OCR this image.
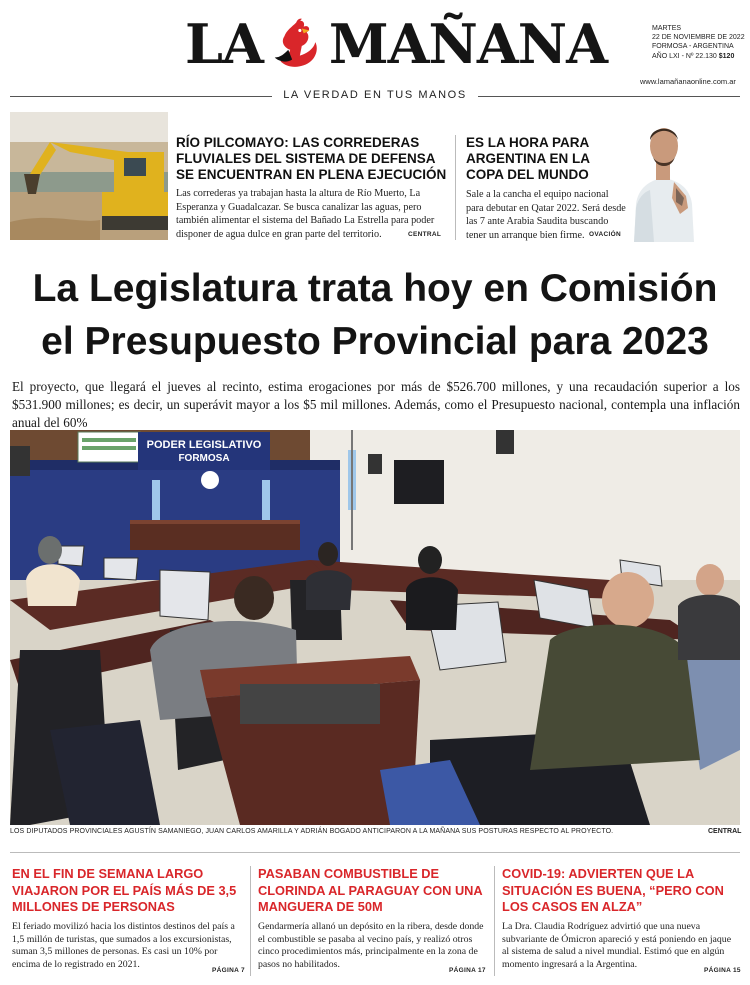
LA MAÑANA	MARTES
22 DE NOVIEMBRE DE 2022
FORMOSA - ARGENTINA
AÑO LXI - Nº 22.130 $120
www.lamañanaonline.com.ar
LA VERDAD EN TUS MANOS
RÍO PILCOMAYO: LAS CORREDERAS FLUVIALES DEL SISTEMA DE DEFENSA SE ENCUENTRAN EN PLENA EJECUCIÓN
Las correderas ya trabajan hasta la altura de Río Muerto, La Esperanza y Guadalcazar. Se busca canalizar las aguas, pero también alimentar el sistema del Bañado La Estrella para poder disponer de agua dulce en gran parte del territorio.	CENTRAL
ES LA HORA PARA ARGENTINA EN LA COPA DEL MUNDO
Sale a la cancha el equipo nacional para debutar en Qatar 2022. Será desde las 7 ante Arabia Saudita buscando tener un arranque bien firme. OVACIÓN
La Legislatura trata hoy en Comisión
el Presupuesto Provincial para 2023
El proyecto, que llegará el jueves al recinto, estima erogaciones por más de $526.700 millones, y una recaudación superior a los $531.900 millones; es decir, un superávit mayor a los $5 mil millones. Además, como el Presupuesto nacional, contempla una inflación anual del 60%
PODER LEGISLATIVO
FORMOSA
LOS DIPUTADOS PROVINCIALES AGUSTÍN SAMANIEGO, JUAN CARLOS AMARILLA Y ADRIÁN BOGADO ANTICIPARON A LA MAÑANA SUS POSTURAS RESPECTO AL PROYECTO.	CENTRAL
EN EL FIN DE SEMANA LARGO VIAJARON POR EL PAÍS MÁS DE 3,5 MILLONES DE PERSONAS
El feriado movilizó hacia los distintos destinos del país a 1,5 millón de turistas, que sumados a los excursionistas, suman 3,5 millones de personas. Es casi un 10% por encima de lo registrado en 2021.
PÁGINA 7
PASABAN COMBUSTIBLE DE CLORINDA AL PARAGUAY CON UNA MANGUERA DE 50M
Gendarmería allanó un depósito en la ribera, desde donde el combustible se pasaba al vecino país, y realizó otros cinco procedimientos más, principalmente en la zona de pasos no habilitados.
PÁGINA 17
COVID-19: ADVIERTEN QUE LA SITUACIÓN ES BUENA, “PERO CON LOS CASOS EN ALZA”
La Dra. Claudia Rodríguez advirtió que una nueva subvariante de Ómicron apareció y está poniendo en jaque al sistema de salud a nivel mundial. Estimó que en algún momento ingresará a la Argentina.
PÁGINA 15
